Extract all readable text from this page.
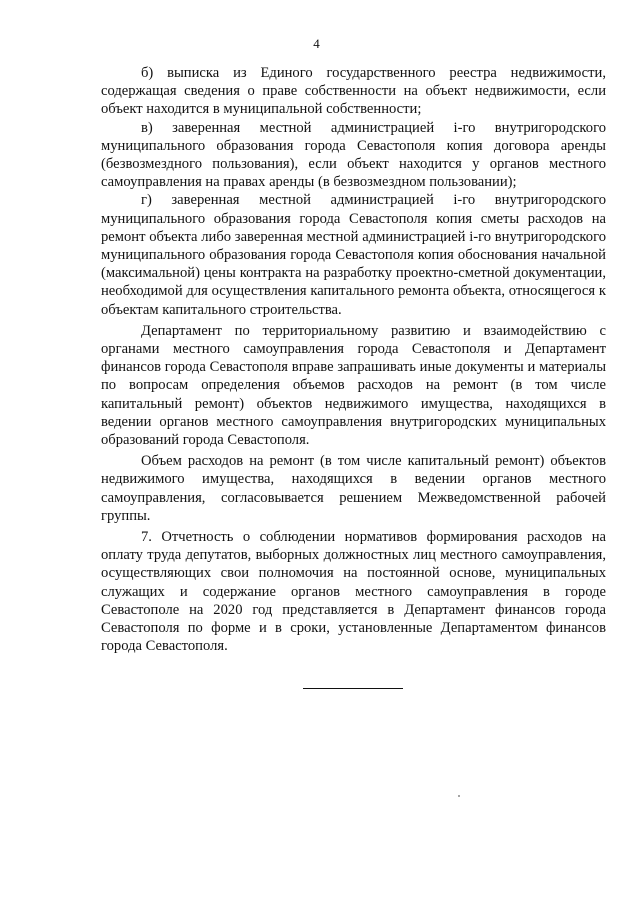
4

б) выписка из Единого государственного реестра недвижимости, содержащая сведения о праве собственности на объект недвижимости, если объект находится в муниципальной собственности;

в) заверенная местной администрацией і-го внутригородского муниципального образования города Севастополя копия договора аренды (безвозмездного пользования), если объект находится у органов местного самоуправления на правах аренды (в безвозмездном пользовании);

г) заверенная местной администрацией і-го внутригородского муниципального образования города Севастополя копия сметы расходов на ремонт объекта либо заверенная местной администрацией і-го внутригородского муниципального образования города Севастополя копия обоснования начальной (максимальной) цены контракта на разработку проектно-сметной документации, необходимой для осуществления капитального ремонта объекта, относящегося к объектам капитального строительства.

Департамент по территориальному развитию и взаимодействию с органами местного самоуправления города Севастополя и Департамент финансов города Севастополя вправе запрашивать иные документы и материалы по вопросам определения объемов расходов на ремонт (в том числе капитальный ремонт) объектов недвижимого имущества, находящихся в ведении органов местного самоуправления внутригородских муниципальных образований города Севастополя.

Объем расходов на ремонт (в том числе капитальный ремонт) объектов недвижимого имущества, находящихся в ведении органов местного самоуправления, согласовывается решением Межведомственной рабочей группы.

7. Отчетность о соблюдении нормативов формирования расходов на оплату труда депутатов, выборных должностных лиц местного самоуправления, осуществляющих свои полномочия на постоянной основе, муниципальных служащих и содержание органов местного самоуправления в городе Севастополе на 2020 год представляется в Департамент финансов города Севастополя по форме и в сроки, установленные Департаментом финансов города Севастополя.
